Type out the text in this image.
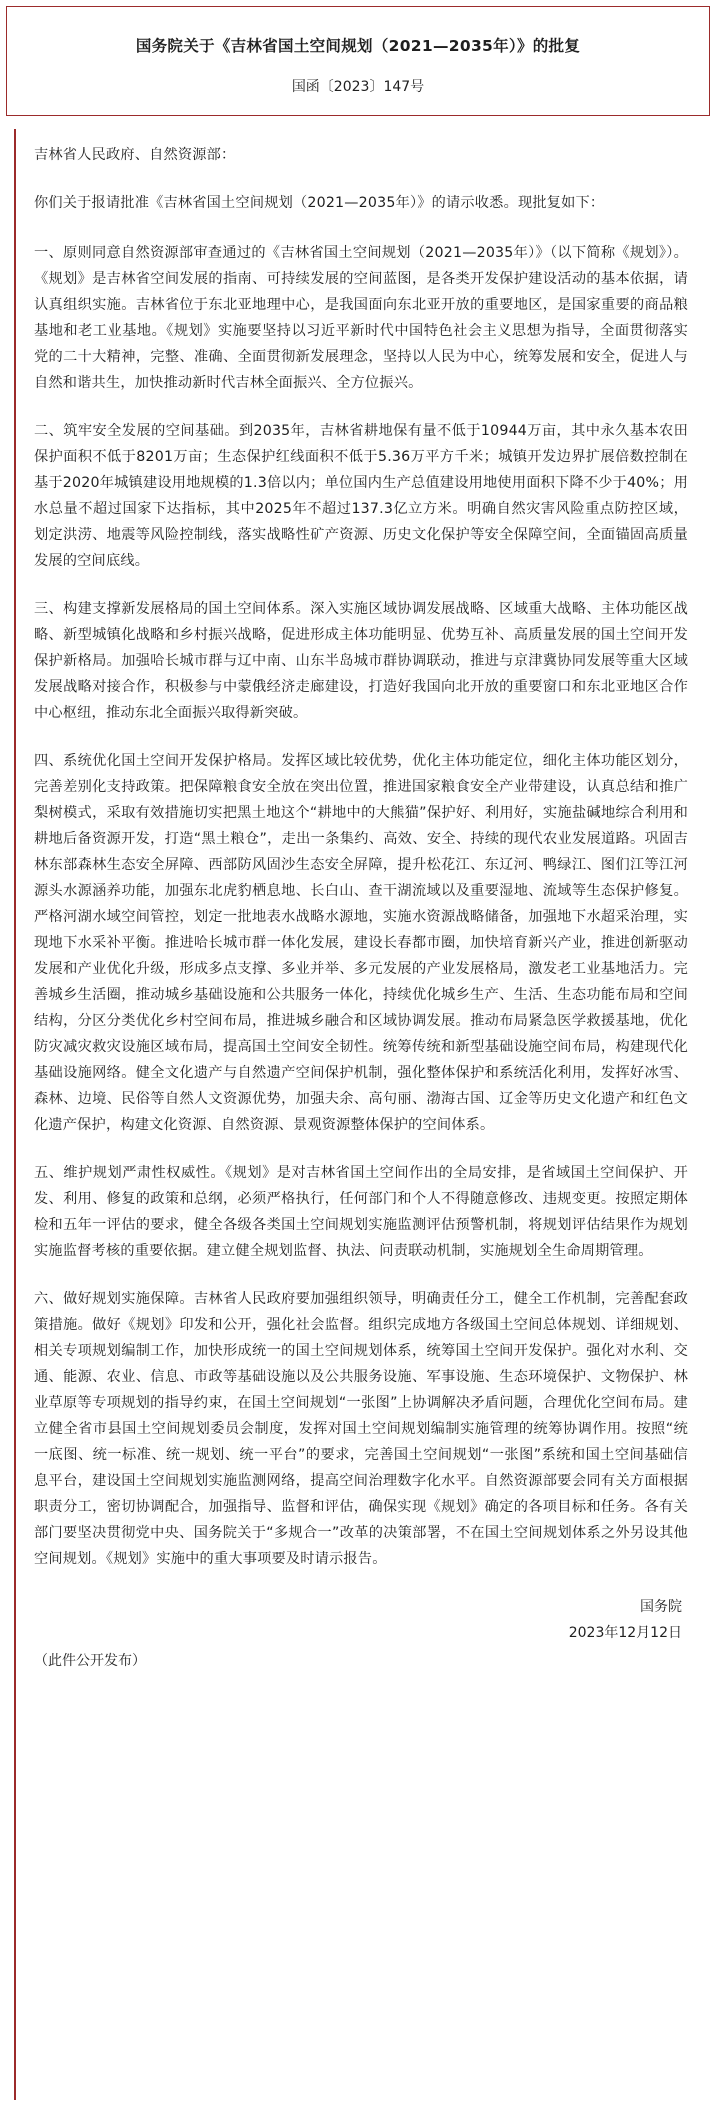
国务院关于《吉林省国土空间规划（2021—2035年）》的批复

国函〔2023〕147号

吉林省人民政府、自然资源部：

你们关于报请批准《吉林省国土空间规划（2021—2035年）》的请示收悉。现批复如下：

一、原则同意自然资源部审查通过的《吉林省国土空间规划（2021—2035年）》（以下简称《规划》）。《规划》是吉林省空间发展的指南、可持续发展的空间蓝图，是各类开发保护建设活动的基本依据，请认真组织实施。吉林省位于东北亚地理中心，是我国面向东北亚开放的重要地区，是国家重要的商品粮基地和老工业基地。《规划》实施要坚持以习近平新时代中国特色社会主义思想为指导，全面贯彻落实党的二十大精神，完整、准确、全面贯彻新发展理念，坚持以人民为中心，统筹发展和安全，促进人与自然和谐共生，加快推动新时代吉林全面振兴、全方位振兴。

二、筑牢安全发展的空间基础。到2035年，吉林省耕地保有量不低于10944万亩，其中永久基本农田保护面积不低于8201万亩；生态保护红线面积不低于5.36万平方千米；城镇开发边界扩展倍数控制在基于2020年城镇建设用地规模的1.3倍以内；单位国内生产总值建设用地使用面积下降不少于40%；用水总量不超过国家下达指标，其中2025年不超过137.3亿立方米。明确自然灾害风险重点防控区域，划定洪涝、地震等风险控制线，落实战略性矿产资源、历史文化保护等安全保障空间，全面锚固高质量发展的空间底线。

三、构建支撑新发展格局的国土空间体系。深入实施区域协调发展战略、区域重大战略、主体功能区战略、新型城镇化战略和乡村振兴战略，促进形成主体功能明显、优势互补、高质量发展的国土空间开发保护新格局。加强哈长城市群与辽中南、山东半岛城市群协调联动，推进与京津冀协同发展等重大区域发展战略对接合作，积极参与中蒙俄经济走廊建设，打造好我国向北开放的重要窗口和东北亚地区合作中心枢纽，推动东北全面振兴取得新突破。

四、系统优化国土空间开发保护格局。发挥区域比较优势，优化主体功能定位，细化主体功能区划分，完善差别化支持政策。把保障粮食安全放在突出位置，推进国家粮食安全产业带建设，认真总结和推广梨树模式，采取有效措施切实把黑土地这个“耕地中的大熊猫”保护好、利用好，实施盐碱地综合利用和耕地后备资源开发，打造“黑土粮仓”，走出一条集约、高效、安全、持续的现代农业发展道路。巩固吉林东部森林生态安全屏障、西部防风固沙生态安全屏障，提升松花江、东辽河、鸭绿江、图们江等江河源头水源涵养功能，加强东北虎豹栖息地、长白山、查干湖流域以及重要湿地、流域等生态保护修复。严格河湖水域空间管控，划定一批地表水战略水源地，实施水资源战略储备，加强地下水超采治理，实现地下水采补平衡。推进哈长城市群一体化发展，建设长春都市圈，加快培育新兴产业，推进创新驱动发展和产业优化升级，形成多点支撑、多业并举、多元发展的产业发展格局，激发老工业基地活力。完善城乡生活圈，推动城乡基础设施和公共服务一体化，持续优化城乡生产、生活、生态功能布局和空间结构，分区分类优化乡村空间布局，推进城乡融合和区域协调发展。推动布局紧急医学救援基地，优化防灾减灾救灾设施区域布局，提高国土空间安全韧性。统筹传统和新型基础设施空间布局，构建现代化基础设施网络。健全文化遗产与自然遗产空间保护机制，强化整体保护和系统活化利用，发挥好冰雪、森林、边境、民俗等自然人文资源优势，加强夫余、高句丽、渤海古国、辽金等历史文化遗产和红色文化遗产保护，构建文化资源、自然资源、景观资源整体保护的空间体系。

五、维护规划严肃性权威性。《规划》是对吉林省国土空间作出的全局安排，是省域国土空间保护、开发、利用、修复的政策和总纲，必须严格执行，任何部门和个人不得随意修改、违规变更。按照定期体检和五年一评估的要求，健全各级各类国土空间规划实施监测评估预警机制，将规划评估结果作为规划实施监督考核的重要依据。建立健全规划监督、执法、问责联动机制，实施规划全生命周期管理。

六、做好规划实施保障。吉林省人民政府要加强组织领导，明确责任分工，健全工作机制，完善配套政策措施。做好《规划》印发和公开，强化社会监督。组织完成地方各级国土空间总体规划、详细规划、相关专项规划编制工作，加快形成统一的国土空间规划体系，统筹国土空间开发保护。强化对水利、交通、能源、农业、信息、市政等基础设施以及公共服务设施、军事设施、生态环境保护、文物保护、林业草原等专项规划的指导约束，在国土空间规划“一张图”上协调解决矛盾问题，合理优化空间布局。建立健全省市县国土空间规划委员会制度，发挥对国土空间规划编制实施管理的统筹协调作用。按照“统一底图、统一标准、统一规划、统一平台”的要求，完善国土空间规划“一张图”系统和国土空间基础信息平台，建设国土空间规划实施监测网络，提高空间治理数字化水平。自然资源部要会同有关方面根据职责分工，密切协调配合，加强指导、监督和评估，确保实现《规划》确定的各项目标和任务。各有关部门要坚决贯彻党中央、国务院关于“多规合一”改革的决策部署，不在国土空间规划体系之外另设其他空间规划。《规划》实施中的重大事项要及时请示报告。

国务院
2023年12月12日
（此件公开发布）
